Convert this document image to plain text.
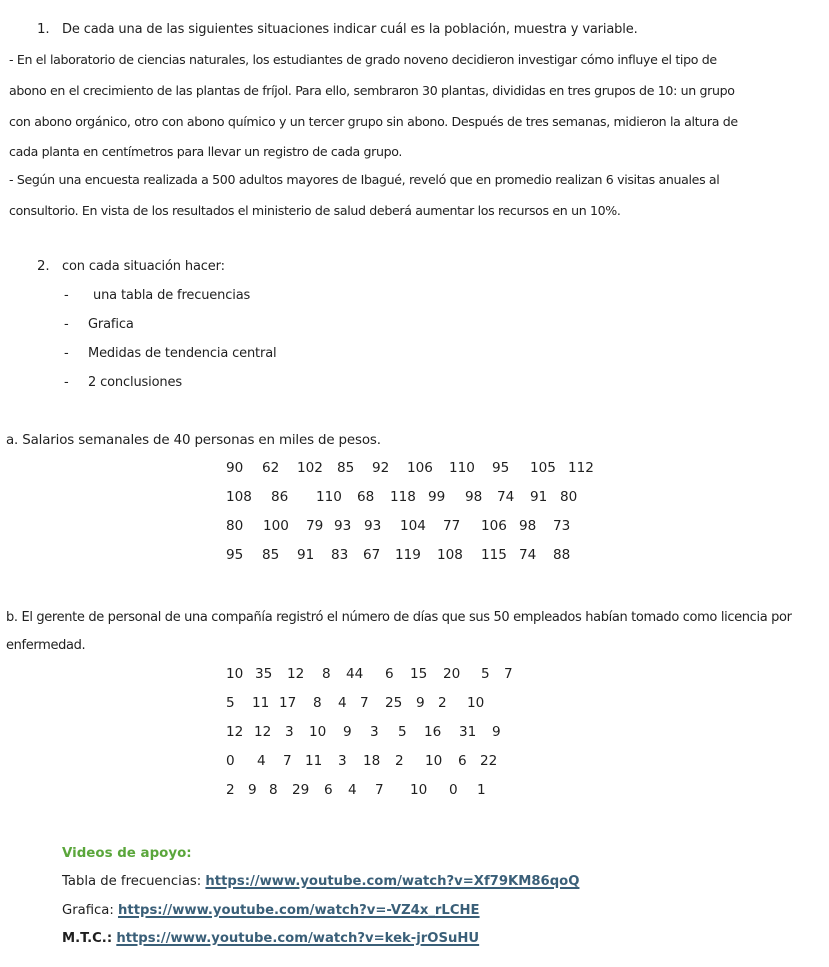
1. De cada una de las siguientes situaciones indicar cuál es la población, muestra y variable.
- En el laboratorio de ciencias naturales, los estudiantes de grado noveno decidieron investigar cómo influye el tipo de
abono en el crecimiento de las plantas de fríjol. Para ello, sembraron 30 plantas, divididas en tres grupos de 10: un grupo
con abono orgánico, otro con abono químico y un tercer grupo sin abono. Después de tres semanas, midieron la altura de
cada planta en centímetros para llevar un registro de cada grupo.
- Según una encuesta realizada a 500 adultos mayores de Ibagué, reveló que en promedio realizan 6 visitas anuales al
consultorio. En vista de los resultados el ministerio de salud deberá aumentar los recursos en un 10%.
2. con cada situación hacer:
- una tabla de frecuencias
- Grafica
- Medidas de tendencia central
- 2 conclusiones
a. Salarios semanales de 40 personas en miles de pesos.
90 62 102 85 92 106 110 95 105 112
108 86 110 68 118 99 98 74 91 80
80 100 79 93 93 104 77 106 98 73
95 85 91 83 67 119 108 115 74 88
b. El gerente de personal de una compañía registró el número de días que sus 50 empleados habían tomado como licencia por
enfermedad.
10 35 12 8 44 6 15 20 5 7
5 11 17 8 4 7 25 9 2 10
12 12 3 10 9 3 5 16 31 9
0 4 7 11 3 18 2 10 6 22
2 9 8 29 6 4 7 10 0 1
Videos de apoyo:
Tabla de frecuencias: https://www.youtube.com/watch?v=Xf79KM86qoQ
Grafica: https://www.youtube.com/watch?v=-VZ4x_rLCHE
M.T.C.: https://www.youtube.com/watch?v=kek-jrOSuHU
